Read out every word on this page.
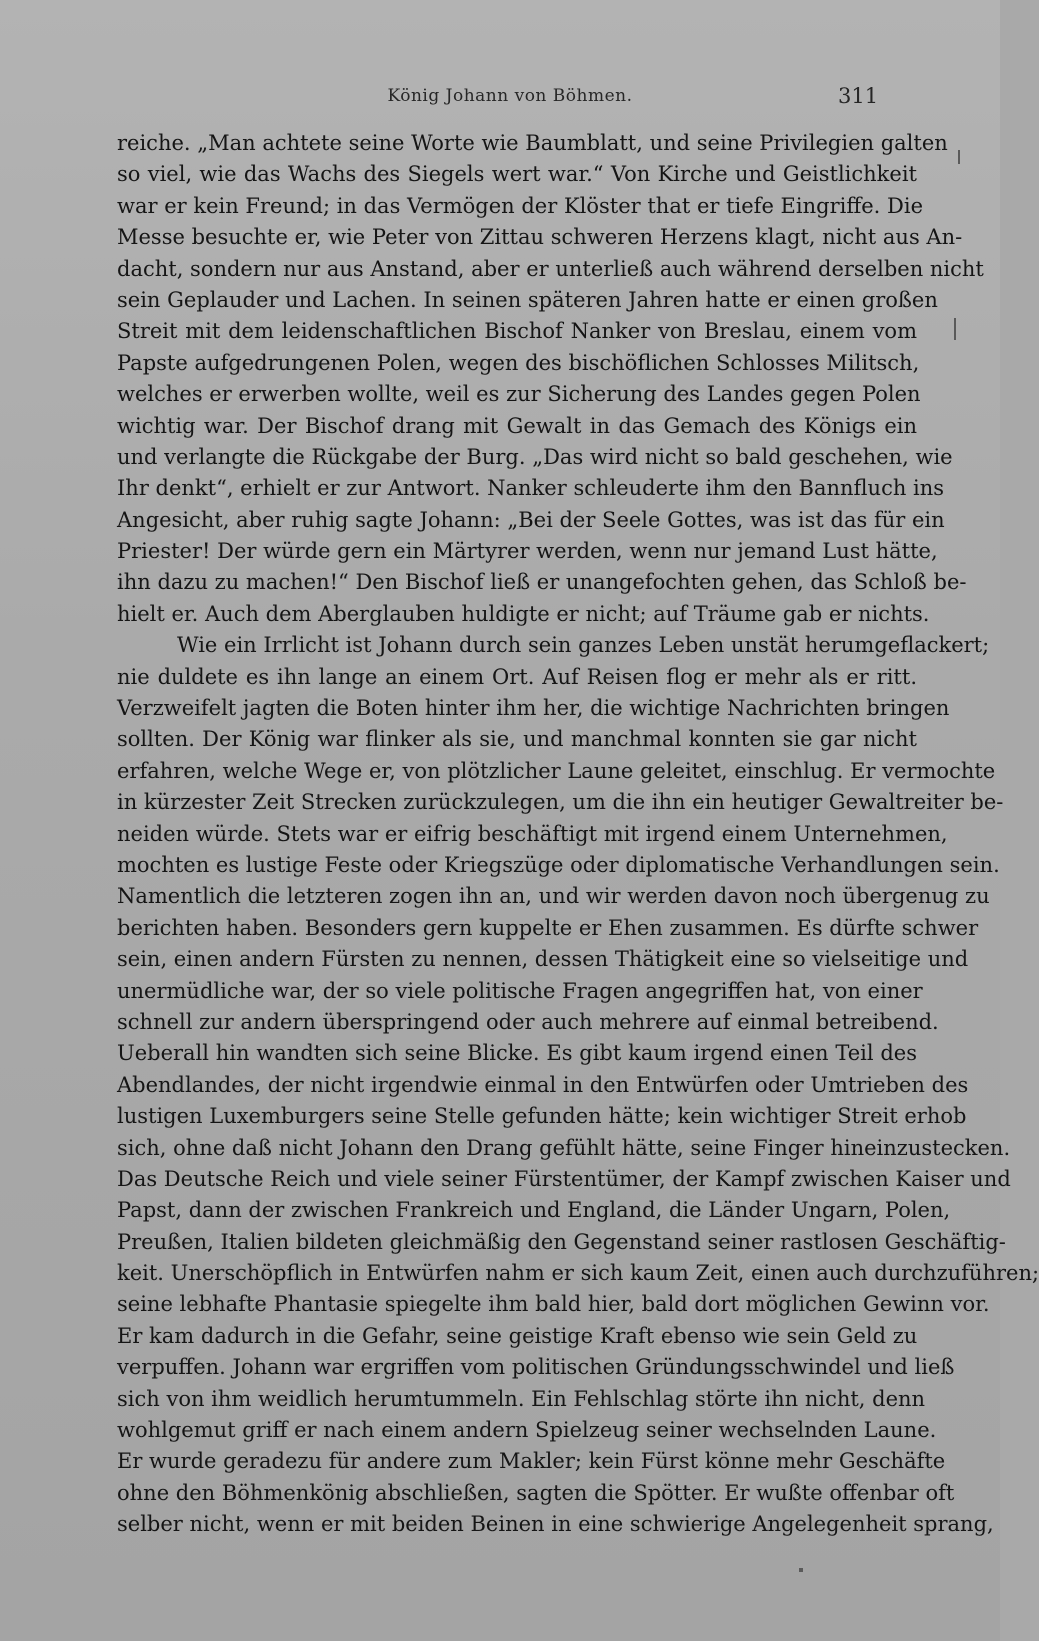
König Johann von Böhmen.	311
reiche. „Man achtete seine Worte wie Baumblatt, und seine Privilegien galten
so viel, wie das Wachs des Siegels wert war.“ Von Kirche und Geistlichkeit
war er kein Freund; in das Vermögen der Klöster that er tiefe Eingriffe. Die
Messe besuchte er, wie Peter von Zittau schweren Herzens klagt, nicht aus An-
dacht, sondern nur aus Anstand, aber er unterließ auch während derselben nicht
sein Geplauder und Lachen. In seinen späteren Jahren hatte er einen großen
Streit mit dem leidenschaftlichen Bischof Nanker von Breslau, einem vom
Papste aufgedrungenen Polen, wegen des bischöflichen Schlosses Militsch,
welches er erwerben wollte, weil es zur Sicherung des Landes gegen Polen
wichtig war. Der Bischof drang mit Gewalt in das Gemach des Königs ein
und verlangte die Rückgabe der Burg. „Das wird nicht so bald geschehen, wie
Ihr denkt“, erhielt er zur Antwort. Nanker schleuderte ihm den Bannfluch ins
Angesicht, aber ruhig sagte Johann: „Bei der Seele Gottes, was ist das für ein
Priester! Der würde gern ein Märtyrer werden, wenn nur jemand Lust hätte,
ihn dazu zu machen!“ Den Bischof ließ er unangefochten gehen, das Schloß be-
hielt er. Auch dem Aberglauben huldigte er nicht; auf Träume gab er nichts.
Wie ein Irrlicht ist Johann durch sein ganzes Leben unstät herumgeflackert;
nie duldete es ihn lange an einem Ort. Auf Reisen flog er mehr als er ritt.
Verzweifelt jagten die Boten hinter ihm her, die wichtige Nachrichten bringen
sollten. Der König war flinker als sie, und manchmal konnten sie gar nicht
erfahren, welche Wege er, von plötzlicher Laune geleitet, einschlug. Er vermochte
in kürzester Zeit Strecken zurückzulegen, um die ihn ein heutiger Gewaltreiter be-
neiden würde. Stets war er eifrig beschäftigt mit irgend einem Unternehmen,
mochten es lustige Feste oder Kriegszüge oder diplomatische Verhandlungen sein.
Namentlich die letzteren zogen ihn an, und wir werden davon noch übergenug zu
berichten haben. Besonders gern kuppelte er Ehen zusammen. Es dürfte schwer
sein, einen andern Fürsten zu nennen, dessen Thätigkeit eine so vielseitige und
unermüdliche war, der so viele politische Fragen angegriffen hat, von einer
schnell zur andern überspringend oder auch mehrere auf einmal betreibend.
Ueberall hin wandten sich seine Blicke. Es gibt kaum irgend einen Teil des
Abendlandes, der nicht irgendwie einmal in den Entwürfen oder Umtrieben des
lustigen Luxemburgers seine Stelle gefunden hätte; kein wichtiger Streit erhob
sich, ohne daß nicht Johann den Drang gefühlt hätte, seine Finger hineinzustecken.
Das Deutsche Reich und viele seiner Fürstentümer, der Kampf zwischen Kaiser und
Papst, dann der zwischen Frankreich und England, die Länder Ungarn, Polen,
Preußen, Italien bildeten gleichmäßig den Gegenstand seiner rastlosen Geschäftig-
keit. Unerschöpflich in Entwürfen nahm er sich kaum Zeit, einen auch durchzuführen;
seine lebhafte Phantasie spiegelte ihm bald hier, bald dort möglichen Gewinn vor.
Er kam dadurch in die Gefahr, seine geistige Kraft ebenso wie sein Geld zu
verpuffen. Johann war ergriffen vom politischen Gründungsschwindel und ließ
sich von ihm weidlich herumtummeln. Ein Fehlschlag störte ihn nicht, denn
wohlgemut griff er nach einem andern Spielzeug seiner wechselnden Laune.
Er wurde geradezu für andere zum Makler; kein Fürst könne mehr Geschäfte
ohne den Böhmenkönig abschließen, sagten die Spötter. Er wußte offenbar oft
selber nicht, wenn er mit beiden Beinen in eine schwierige Angelegenheit sprang,
